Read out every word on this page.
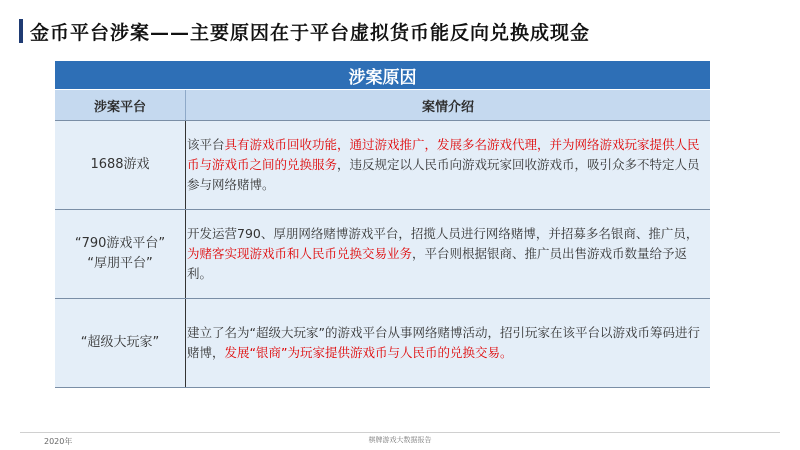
金币平台涉案——主要原因在于平台虚拟货币能反向兑换成现金
涉案原因
涉案平台	案情介绍
1688游戏
该平台具有游戏币回收功能，通过游戏推广，发展多名游戏代理，并为网络游戏玩家提供人民币与游戏币之间的兑换服务，违反规定以人民币向游戏玩家回收游戏币，吸引众多不特定人员参与网络赌博。
“790游戏平台” “厚朋平台”
开发运营790、厚朋网络赌博游戏平台，招揽人员进行网络赌博，并招募多名银商、推广员，为赌客实现游戏币和人民币兑换交易业务，平台则根据银商、推广员出售游戏币数量给予返利。
“超级大玩家”
建立了名为“超级大玩家”的游戏平台从事网络赌博活动，招引玩家在该平台以游戏币筹码进行赌博，发展“银商”为玩家提供游戏币与人民币的兑换交易。
2020年	棋牌游戏大数据报告
